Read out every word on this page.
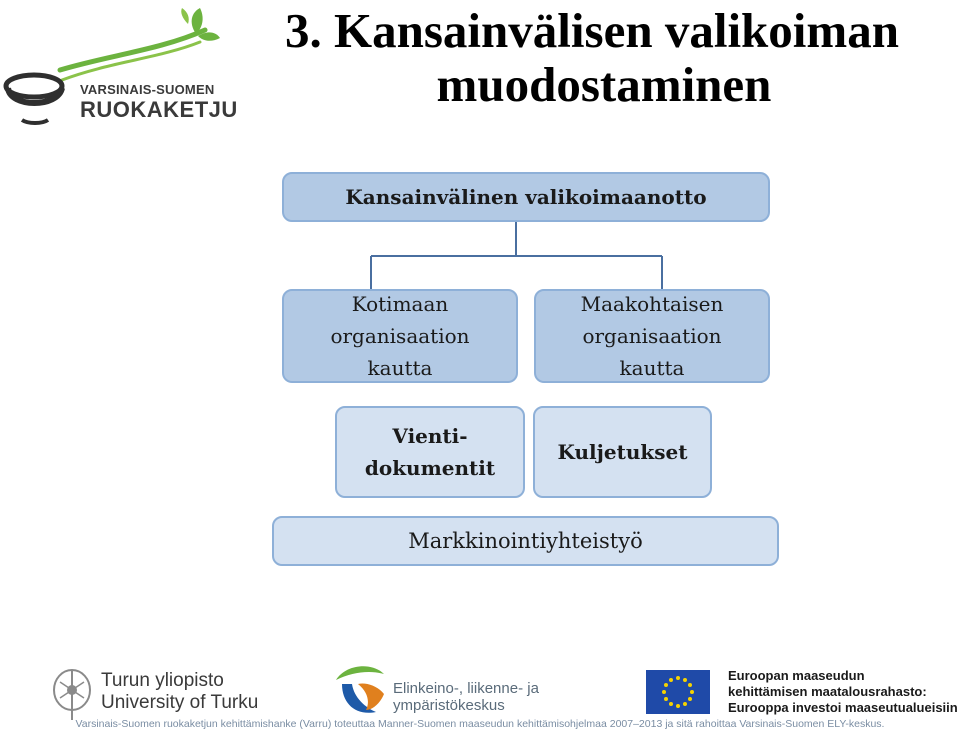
VARSINAIS-SUOMEN
RUOKAKETJU
3. Kansainvälisen valikoiman
muodostaminen
Kansainvälinen valikoimaanotto
Kotimaan
organisaation
kautta
Maakohtaisen
organisaation
kautta
Vienti-
dokumentit
Kuljetukset
Markkinointiyhteistyö
Turun yliopisto
University of Turku
Elinkeino-, liikenne- ja
ympäristökeskus
Euroopan maaseudun
kehittämisen maatalousrahasto:
Eurooppa investoi maaseutualueisiin
Varsinais-Suomen ruokaketjun kehittämishanke (Varru) toteuttaa Manner-Suomen maaseudun kehittämisohjelmaa 2007–2013 ja sitä rahoittaa Varsinais-Suomen ELY-keskus.
